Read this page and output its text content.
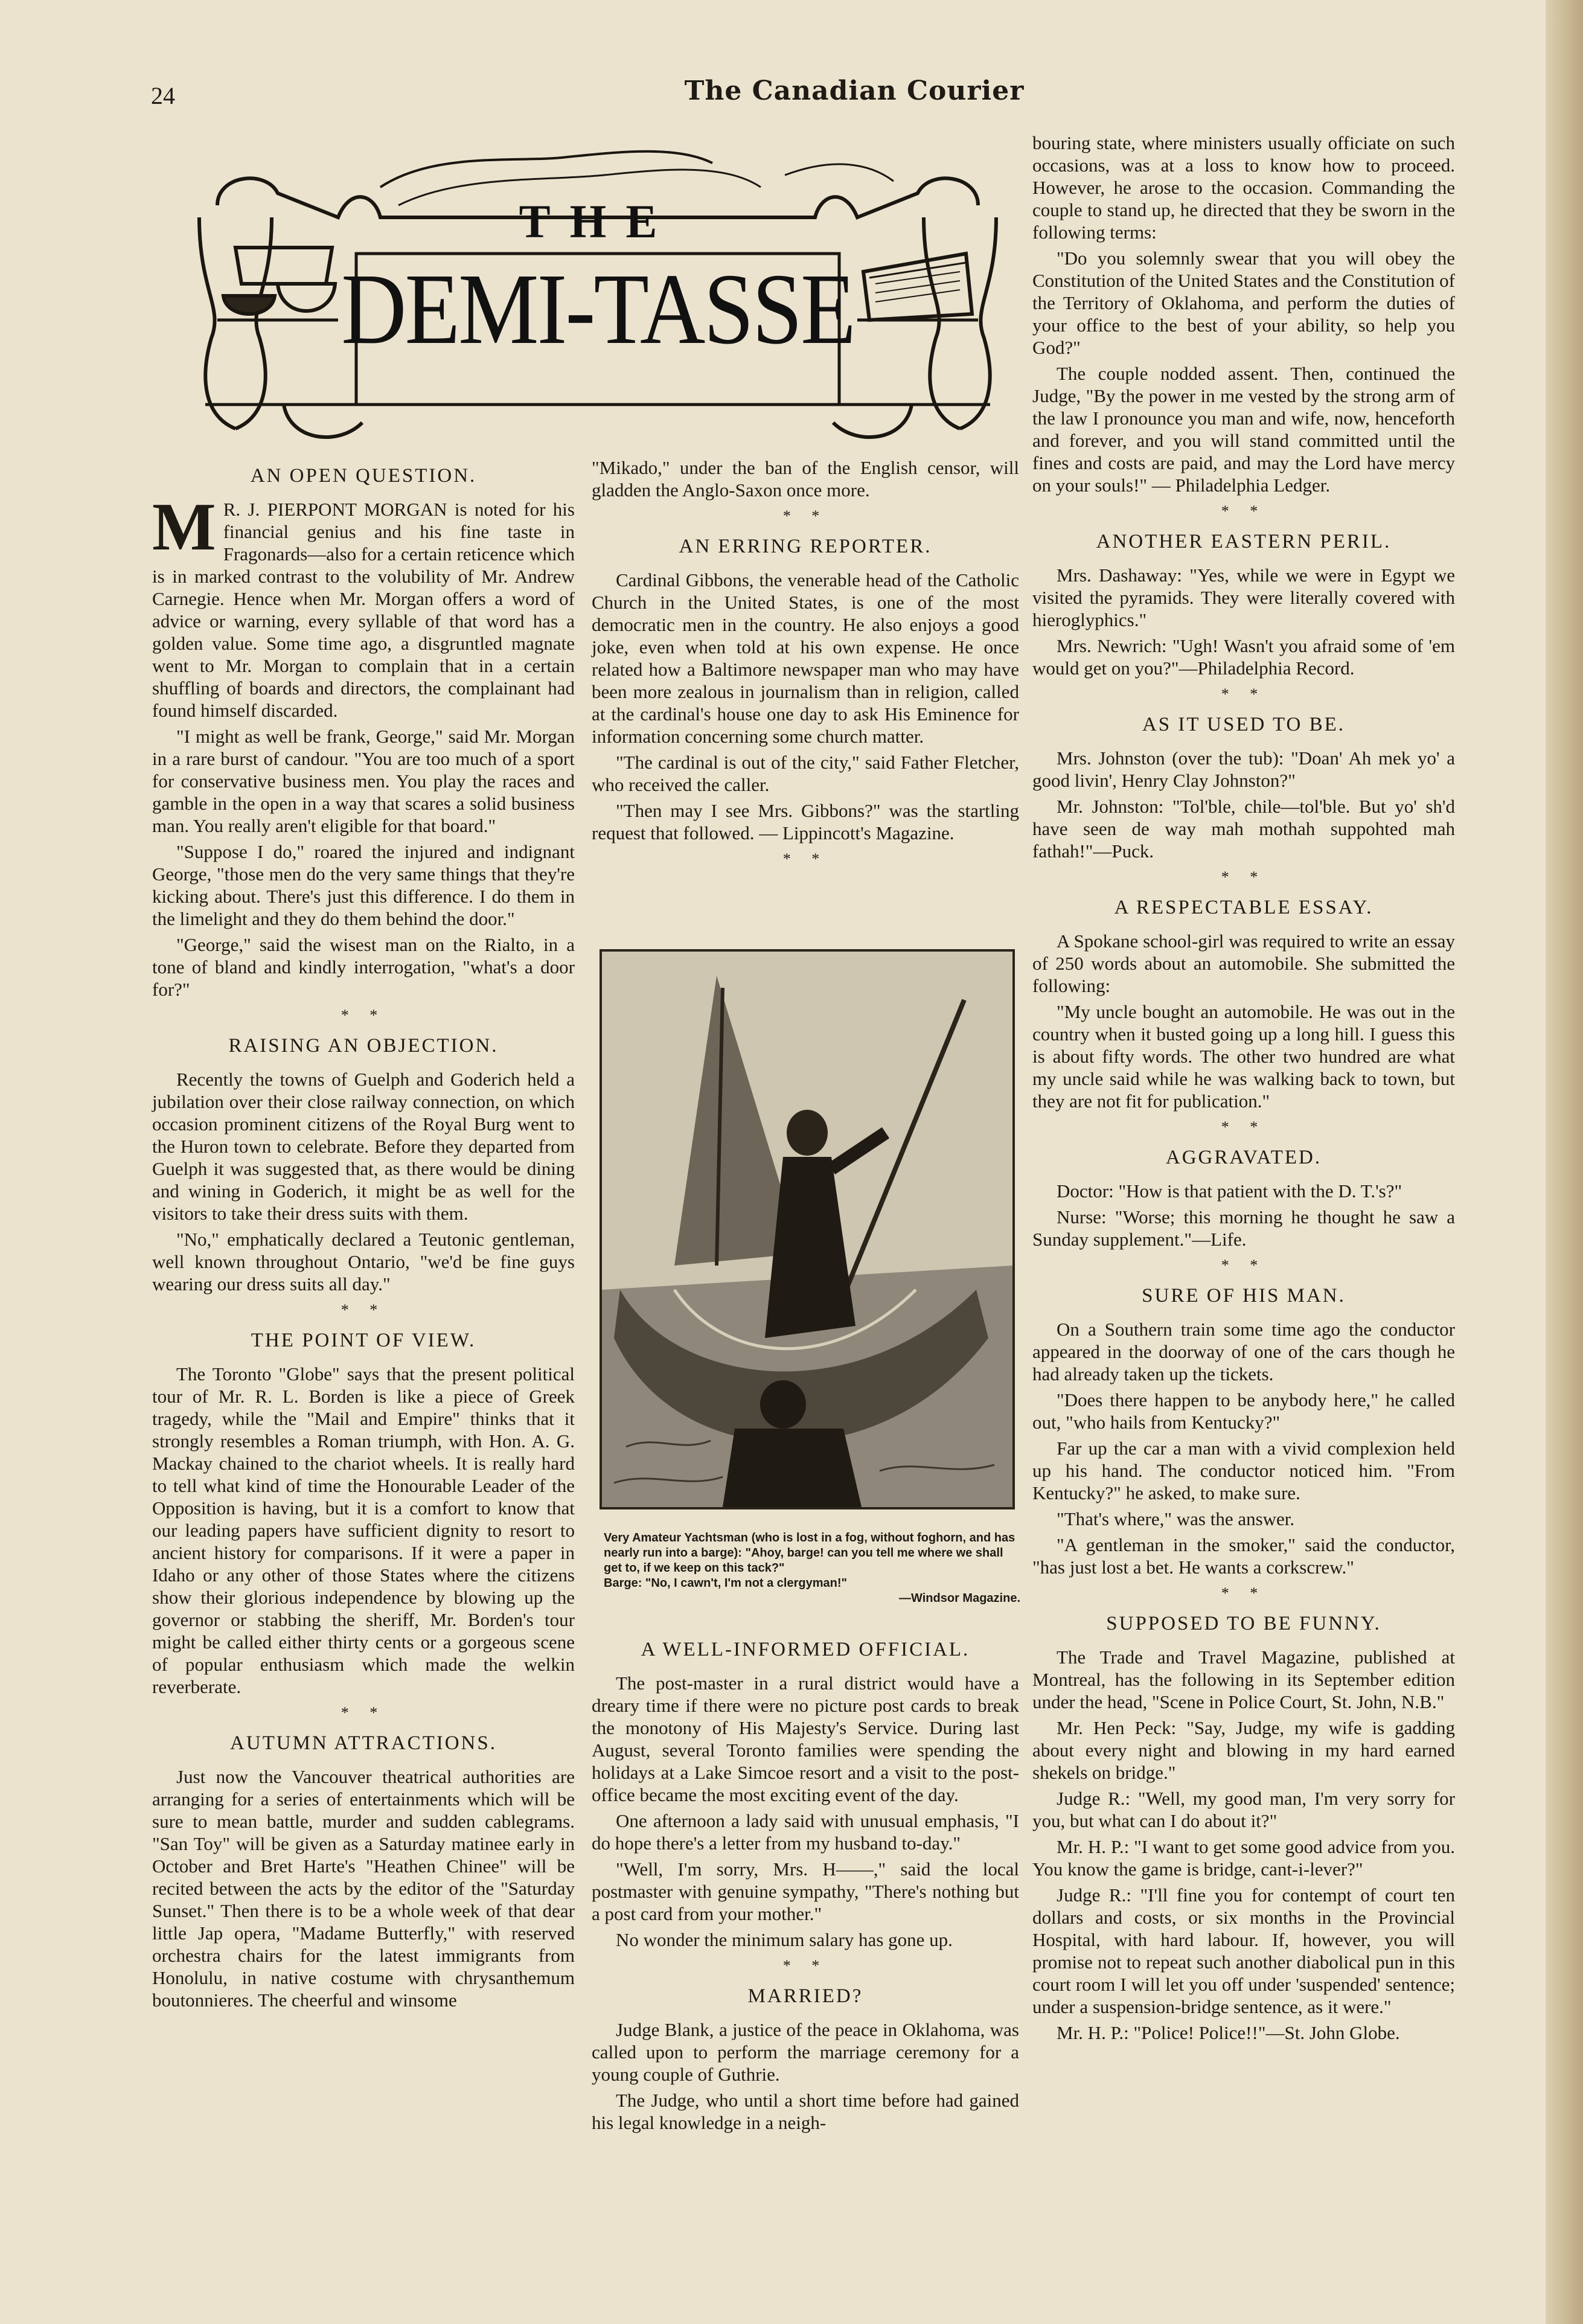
24	The Canadian Courier
THE
DEMI-TASSE
AN OPEN QUESTION.

M R. J. PIERPONT MORGAN is noted for his financial genius and his fine taste in Fragonards—also for a certain reticence which is in marked contrast to the volubility of Mr. Andrew Carnegie. Hence when Mr. Morgan offers a word of advice or warning, every syllable of that word has a golden value. Some time ago, a disgruntled magnate went to Mr. Morgan to complain that in a certain shuffling of boards and directors, the complainant had found himself discarded.

"I might as well be frank, George," said Mr. Morgan in a rare burst of candour. "You are too much of a sport for conservative business men. You play the races and gamble in the open in a way that scares a solid business man. You really aren't eligible for that board."

"Suppose I do," roared the injured and indignant George, "those men do the very same things that they're kicking about. There's just this difference. I do them in the limelight and they do them behind the door."

"George," said the wisest man on the Rialto, in a tone of bland and kindly interrogation, "what's a door for?"

* *
RAISING AN OBJECTION.

Recently the towns of Guelph and Goderich held a jubilation over their close railway connection, on which occasion prominent citizens of the Royal Burg went to the Huron town to celebrate. Before they departed from Guelph it was suggested that, as there would be dining and wining in Goderich, it might be as well for the visitors to take their dress suits with them.

"No," emphatically declared a Teutonic gentleman, well known throughout Ontario, "we'd be fine guys wearing our dress suits all day."

* *
THE POINT OF VIEW.

The Toronto "Globe" says that the present political tour of Mr. R. L. Borden is like a piece of Greek tragedy, while the "Mail and Empire" thinks that it strongly resembles a Roman triumph, with Hon. A. G. Mackay chained to the chariot wheels. It is really hard to tell what kind of time the Honourable Leader of the Opposition is having, but it is a comfort to know that our leading papers have sufficient dignity to resort to ancient history for comparisons. If it were a paper in Idaho or any other of those States where the citizens show their glorious independence by blowing up the governor or stabbing the sheriff, Mr. Borden's tour might be called either thirty cents or a gorgeous scene of popular enthusiasm which made the welkin reverberate.

* *
AUTUMN ATTRACTIONS.

Just now the Vancouver theatrical authorities are arranging for a series of entertainments which will be sure to mean battle, murder and sudden cablegrams. "San Toy" will be given as a Saturday matinee early in October and Bret Harte's "Heathen Chinee" will be recited between the acts by the editor of the "Saturday Sunset." Then there is to be a whole week of that dear little Jap opera, "Madame Butterfly," with reserved orchestra chairs for the latest immigrants from Honolulu, in native costume with chrysanthemum boutonnieres. The cheerful and winsome

"Mikado," under the ban of the English censor, will gladden the Anglo-Saxon once more.

* *
AN ERRING REPORTER.

Cardinal Gibbons, the venerable head of the Catholic Church in the United States, is one of the most democratic men in the country. He also enjoys a good joke, even when told at his own expense. He once related how a Baltimore newspaper man who may have been more zealous in journalism than in religion, called at the cardinal's house one day to ask His Eminence for information concerning some church matter.

"The cardinal is out of the city," said Father Fletcher, who received the caller.

"Then may I see Mrs. Gibbons?" was the startling request that followed. — Lippincott's Magazine.

* *
Very Amateur Yachtsman (who is lost in a fog, without foghorn, and has nearly run into a barge): "Ahoy, barge! can you tell me where we shall get to, if we keep on this tack?"
Barge: "No, I cawn't, I'm not a clergyman!"
—Windsor Magazine.
A WELL-INFORMED OFFICIAL.

The post-master in a rural district would have a dreary time if there were no picture post cards to break the monotony of His Majesty's Service. During last August, several Toronto families were spending the holidays at a Lake Simcoe resort and a visit to the post-office became the most exciting event of the day.

One afternoon a lady said with unusual emphasis, "I do hope there's a letter from my husband to-day."

"Well, I'm sorry, Mrs. H——," said the local postmaster with genuine sympathy, "There's nothing but a post card from your mother."

No wonder the minimum salary has gone up.

* *
MARRIED?

Judge Blank, a justice of the peace in Oklahoma, was called upon to perform the marriage ceremony for a young couple of Guthrie.

The Judge, who until a short time before had gained his legal knowledge in a neigh-

bouring state, where ministers usually officiate on such occasions, was at a loss to know how to proceed. However, he arose to the occasion. Commanding the couple to stand up, he directed that they be sworn in the following terms:

"Do you solemnly swear that you will obey the Constitution of the United States and the Constitution of the Territory of Oklahoma, and perform the duties of your office to the best of your ability, so help you God?"

The couple nodded assent. Then, continued the Judge, "By the power in me vested by the strong arm of the law I pronounce you man and wife, now, henceforth and forever, and you will stand committed until the fines and costs are paid, and may the Lord have mercy on your souls!" — Philadelphia Ledger.

* *
ANOTHER EASTERN PERIL.

Mrs. Dashaway: "Yes, while we were in Egypt we visited the pyramids. They were literally covered with hieroglyphics."

Mrs. Newrich: "Ugh! Wasn't you afraid some of 'em would get on you?"—Philadelphia Record.

* *
AS IT USED TO BE.

Mrs. Johnston (over the tub): "Doan' Ah mek yo' a good livin', Henry Clay Johnston?"

Mr. Johnston: "Tol'ble, chile—tol'ble. But yo' sh'd have seen de way mah mothah suppohted mah fathah!"—Puck.

* *
A RESPECTABLE ESSAY.

A Spokane school-girl was required to write an essay of 250 words about an automobile. She submitted the following:

"My uncle bought an automobile. He was out in the country when it busted going up a long hill. I guess this is about fifty words. The other two hundred are what my uncle said while he was walking back to town, but they are not fit for publication."

* *
AGGRAVATED.

Doctor: "How is that patient with the D. T.'s?"

Nurse: "Worse; this morning he thought he saw a Sunday supplement."—Life.

* *
SURE OF HIS MAN.

On a Southern train some time ago the conductor appeared in the doorway of one of the cars though he had already taken up the tickets.

"Does there happen to be anybody here," he called out, "who hails from Kentucky?"

Far up the car a man with a vivid complexion held up his hand. The conductor noticed him. "From Kentucky?" he asked, to make sure.

"That's where," was the answer.

"A gentleman in the smoker," said the conductor, "has just lost a bet. He wants a corkscrew."

* *
SUPPOSED TO BE FUNNY.

The Trade and Travel Magazine, published at Montreal, has the following in its September edition under the head, "Scene in Police Court, St. John, N.B."

Mr. Hen Peck: "Say, Judge, my wife is gadding about every night and blowing in my hard earned shekels on bridge."

Judge R.: "Well, my good man, I'm very sorry for you, but what can I do about it?"

Mr. H. P.: "I want to get some good advice from you. You know the game is bridge, cant-i-lever?"

Judge R.: "I'll fine you for contempt of court ten dollars and costs, or six months in the Provincial Hospital, with hard labour. If, however, you will promise not to repeat such another diabolical pun in this court room I will let you off under 'suspended' sentence; under a suspension-bridge sentence, as it were."

Mr. H. P.: "Police! Police!!"—St. John Globe.
